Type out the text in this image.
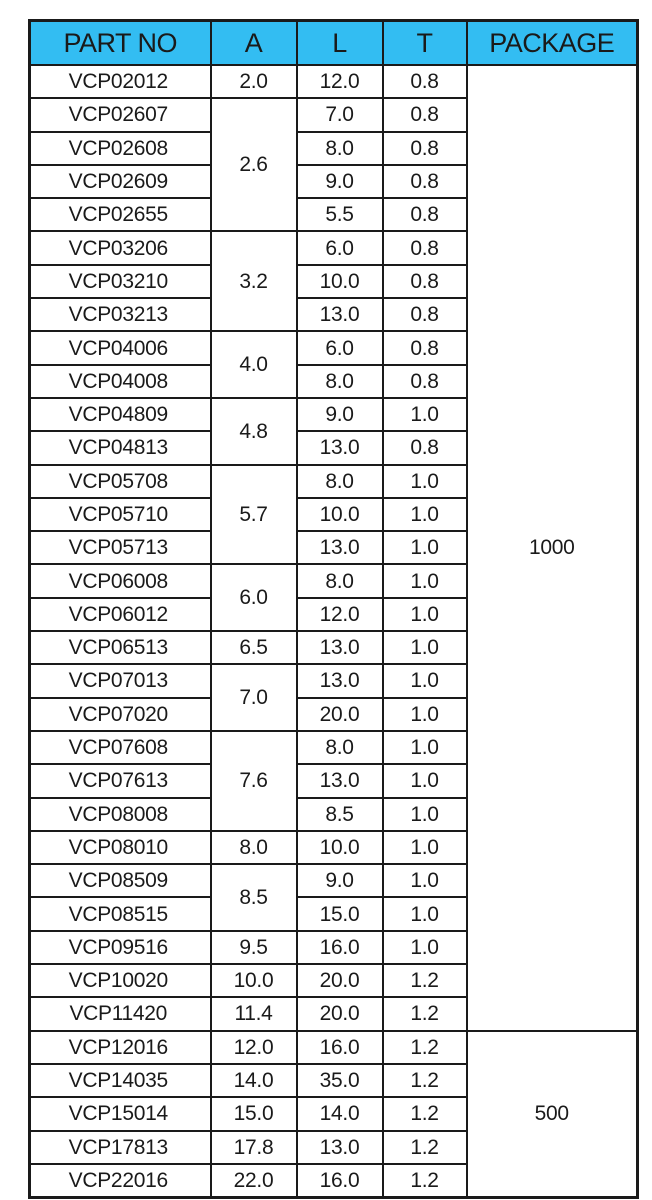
PART NO	A	L	T	PACKAGE
VCP02012	2.0	12.0	0.8	1000
VCP02607	2.6	7.0	0.8	
VCP02608		8.0	0.8	
VCP02609		9.0	0.8	
VCP02655		5.5	0.8	
VCP03206	3.2	6.0	0.8	
VCP03210		10.0	0.8	
VCP03213		13.0	0.8	
VCP04006	4.0	6.0	0.8	
VCP04008		8.0	0.8	
VCP04809	4.8	9.0	1.0	
VCP04813		13.0	0.8	
VCP05708	5.7	8.0	1.0	
VCP05710		10.0	1.0	
VCP05713		13.0	1.0	
VCP06008	6.0	8.0	1.0	
VCP06012		12.0	1.0	
VCP06513	6.5	13.0	1.0	
VCP07013	7.0	13.0	1.0	
VCP07020		20.0	1.0	
VCP07608	7.6	8.0	1.0	
VCP07613		13.0	1.0	
VCP08008		8.5	1.0	
VCP08010	8.0	10.0	1.0	
VCP08509	8.5	9.0	1.0	
VCP08515		15.0	1.0	
VCP09516	9.5	16.0	1.0	
VCP10020	10.0	20.0	1.2	
VCP11420	11.4	20.0	1.2	
VCP12016	12.0	16.0	1.2	500
VCP14035	14.0	35.0	1.2	
VCP15014	15.0	14.0	1.2	
VCP17813	17.8	13.0	1.2	
VCP22016	22.0	16.0	1.2	
